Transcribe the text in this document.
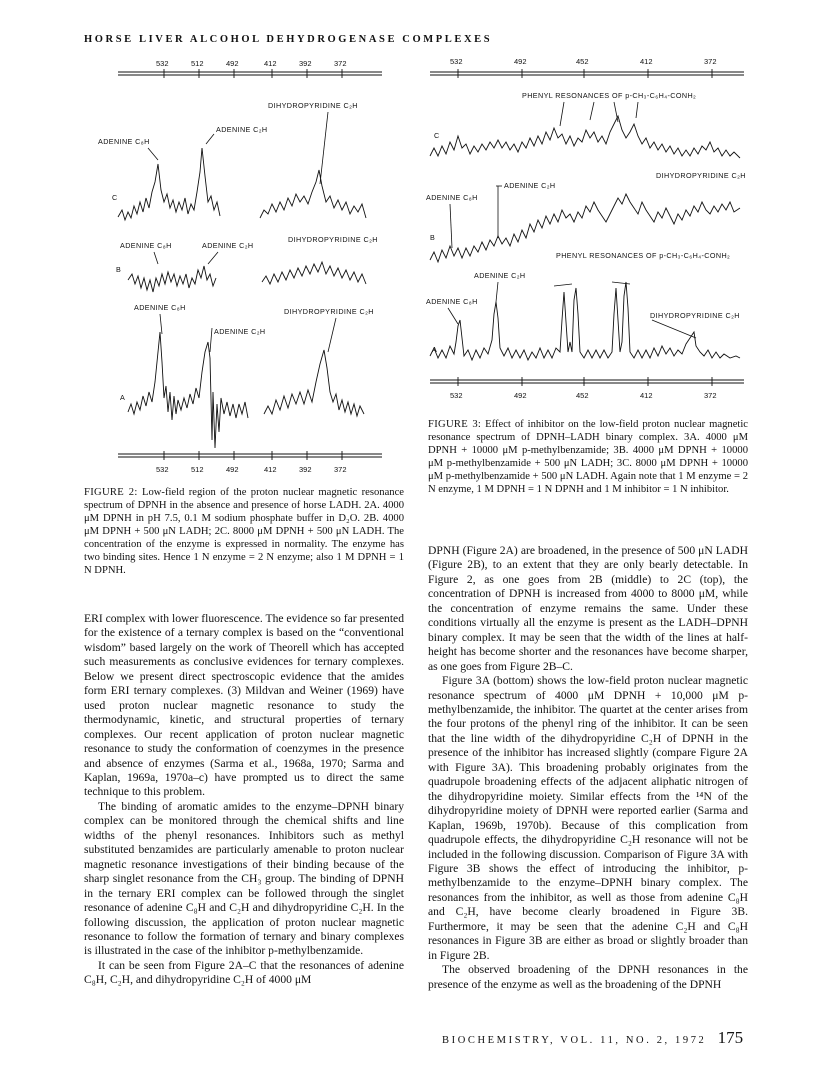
HORSE LIVER ALCOHOL DEHYDROGENASE COMPLEXES
532	512	492	412	392	372
DIHYDROPYRIDINE C₂H
ADENINE C₈H
ADENINE C₂H
C
ADENINE C₈H	ADENINE C₂H
DIHYDROPYRIDINE C₂H
B
ADENINE C₈H
ADENINE C₂H
DIHYDROPYRIDINE C₂H
A
532	512	492	412	392	372
FIGURE 2: Low-field region of the proton nuclear magnetic resonance spectrum of DPNH in the absence and presence of horse LADH. 2A. 4000 μM DPNH in pH 7.5, 0.1 M sodium phosphate buffer in D₂O. 2B. 4000 μM DPNH + 500 μN LADH; 2C. 8000 μM DPNH + 500 μN LADH. The concentration of the enzyme is expressed in normality. The enzyme has two binding sites. Hence 1 N enzyme = 2 N enzyme; also 1 M DPNH = 1 N DPNH.
532	492	452	412	372
PHENYL RESONANCES OF p-CH₃-C₆H₄-CONH₂
C
DIHYDROPYRIDINE C₂H
ADENINE C₈H
ADENINE C₂H
B
PHENYL RESONANCES OF p-CH₃-C₆H₄-CONH₂
ADENINE C₂H
ADENINE C₈H
DIHYDROPYRIDINE C₂H
A
532	492	452	412	372
FIGURE 3: Effect of inhibitor on the low-field proton nuclear magnetic resonance spectrum of DPNH–LADH binary complex. 3A. 4000 μM DPNH + 10000 μM p-methylbenzamide; 3B. 4000 μM DPNH + 10000 μM p-methylbenzamide + 500 μN LADH; 3C. 8000 μM DPNH + 10000 μM p-methylbenzamide + 500 μN LADH. Again note that 1 M enzyme = 2 N enzyme, 1 M DPNH = 1 N DPNH and 1 M inhibitor = 1 N inhibitor.

ERI complex with lower fluorescence. The evidence so far presented for the existence of a ternary complex is based on the “conventional wisdom” based largely on the work of Theorell which has accepted such measurements as conclusive evidences for ternary complexes. Below we present direct spectroscopic evidence that the amides form ERI ternary complexes. (3) Mildvan and Weiner (1969) have used proton nuclear magnetic resonance to study the thermodynamic, kinetic, and structural properties of ternary complexes. Our recent application of proton nuclear magnetic resonance to study the conformation of coenzymes in the presence and absence of enzymes (Sarma et al., 1968a, 1970; Sarma and Kaplan, 1969a, 1970a–c) have prompted us to direct the same technique to this problem.

The binding of aromatic amides to the enzyme–DPNH binary complex can be monitored through the chemical shifts and line widths of the phenyl resonances. Inhibitors such as methyl substituted benzamides are particularly amenable to proton nuclear magnetic resonance investigations of their binding because of the sharp singlet resonance from the CH₃ group. The binding of DPNH in the ternary ERI complex can be followed through the singlet resonance of adenine C₈H and C₂H and dihydropyridine C₂H. In the following discussion, the application of proton nuclear magnetic resonance to follow the formation of ternary and binary complexes is illustrated in the case of the inhibitor p-methylbenzamide.

It can be seen from Figure 2A–C that the resonances of adenine C₈H, C₂H, and dihydropyridine C₂H of 4000 μM

DPNH (Figure 2A) are broadened, in the presence of 500 μN LADH (Figure 2B), to an extent that they are only bearly detectable. In Figure 2, as one goes from 2B (middle) to 2C (top), the concentration of DPNH is increased from 4000 to 8000 μM, while the concentration of enzyme remains the same. Under these conditions virtually all the enzyme is present as the LADH–DPNH binary complex. It may be seen that the width of the lines at half-height has become shorter and the resonances have become sharper, as one goes from Figure 2B–C.

Figure 3A (bottom) shows the low-field proton nuclear magnetic resonance spectrum of 4000 μM DPNH + 10,000 μM p-methylbenzamide, the inhibitor. The quartet at the center arises from the four protons of the phenyl ring of the inhibitor. It can be seen that the line width of the dihydropyridine C₂H of DPNH in the presence of the inhibitor has increased slightly (compare Figure 2A with Figure 3A). This broadening probably originates from the quadrupole broadening effects of the adjacent aliphatic nitrogen of the dihydropyridine moiety. Similar effects from the ¹⁴N of the dihydropyridine moiety of DPNH were reported earlier (Sarma and Kaplan, 1969b, 1970b). Because of this complication from quadrupole effects, the dihydropyridine C₂H resonance will not be included in the following discussion. Comparison of Figure 3A with Figure 3B shows the effect of introducing the inhibitor, p-methylbenzamide to the enzyme–DPNH binary complex. The resonances from the inhibitor, as well as those from adenine C₈H and C₂H, have become clearly broadened in Figure 3B. Furthermore, it may be seen that the adenine C₂H and C₈H resonances in Figure 3B are either as broad or slightly broader than in Figure 2B.

The observed broadening of the DPNH resonances in the presence of the enzyme as well as the broadening of the DPNH

BIOCHEMISTRY, VOL. 11, NO. 2, 1972 175
